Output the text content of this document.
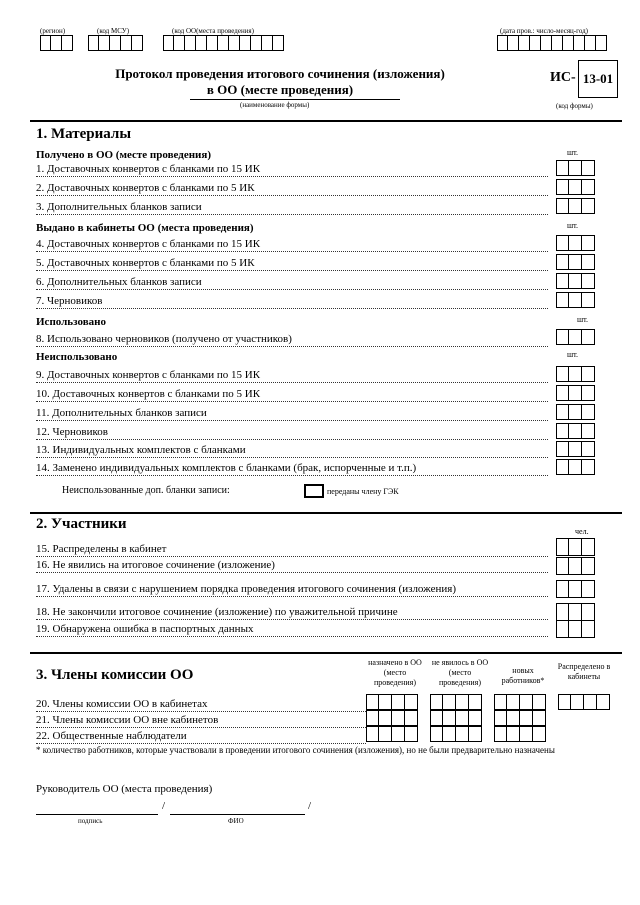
(регион)	(код МСУ)	(код ОО(места проведения)	(дата пров.: число-месяц-год)
Протокол проведения итогового сочинения (изложения)
в ОО (месте проведения)
(наименование формы)
ИС- 13-01
(код формы)
1. Материалы
Получено в ОО (месте проведения)	шт.
1. Доставочных конвертов с бланками по 15 ИК
2. Доставочных конвертов с бланками по 5 ИК
3. Дополнительных бланков записи
Выдано в кабинеты ОО (места проведения)	шт.
4. Доставочных конвертов с бланками по 15 ИК
5. Доставочных конвертов с бланками по 5 ИК
6. Дополнительных бланков записи
7. Черновиков
Использовано	шт.
8. Использовано черновиков (получено от участников)
Неиспользовано	шт.
9. Доставочных конвертов с бланками по 15 ИК
10. Доставочных конвертов с бланками по 5 ИК
11. Дополнительных бланков записи
12. Черновиков
13. Индивидуальных комплектов с бланками
14. Заменено индивидуальных комплектов с бланками (брак, испорченные и т.п.)
Неиспользованные доп. бланки записи:	переданы члену ГЭК
2. Участники	чел.
15. Распределены в кабинет
16. Не явились на итоговое сочинение (изложение)
17. Удалены в связи с нарушением порядка проведения итогового сочинения (изложения)
18. Не закончили итоговое сочинение (изложение) по уважительной причине
19. Обнаружена ошибка в паспортных данных
3. Члены комиссии ОО
назначено в ОО (место проведения)
не явилось в ОО (место проведения)
новых работников*
Распределено в кабинеты
20. Члены комиссии ОО в кабинетах
21. Члены комиссии ОО вне кабинетов
22. Общественные наблюдатели
* количество работников, которые участвовали в проведении итогового сочинения (изложения), но не были предварительно назначены
Руководитель ОО (места проведения)
/	/
подпись	ФИО
